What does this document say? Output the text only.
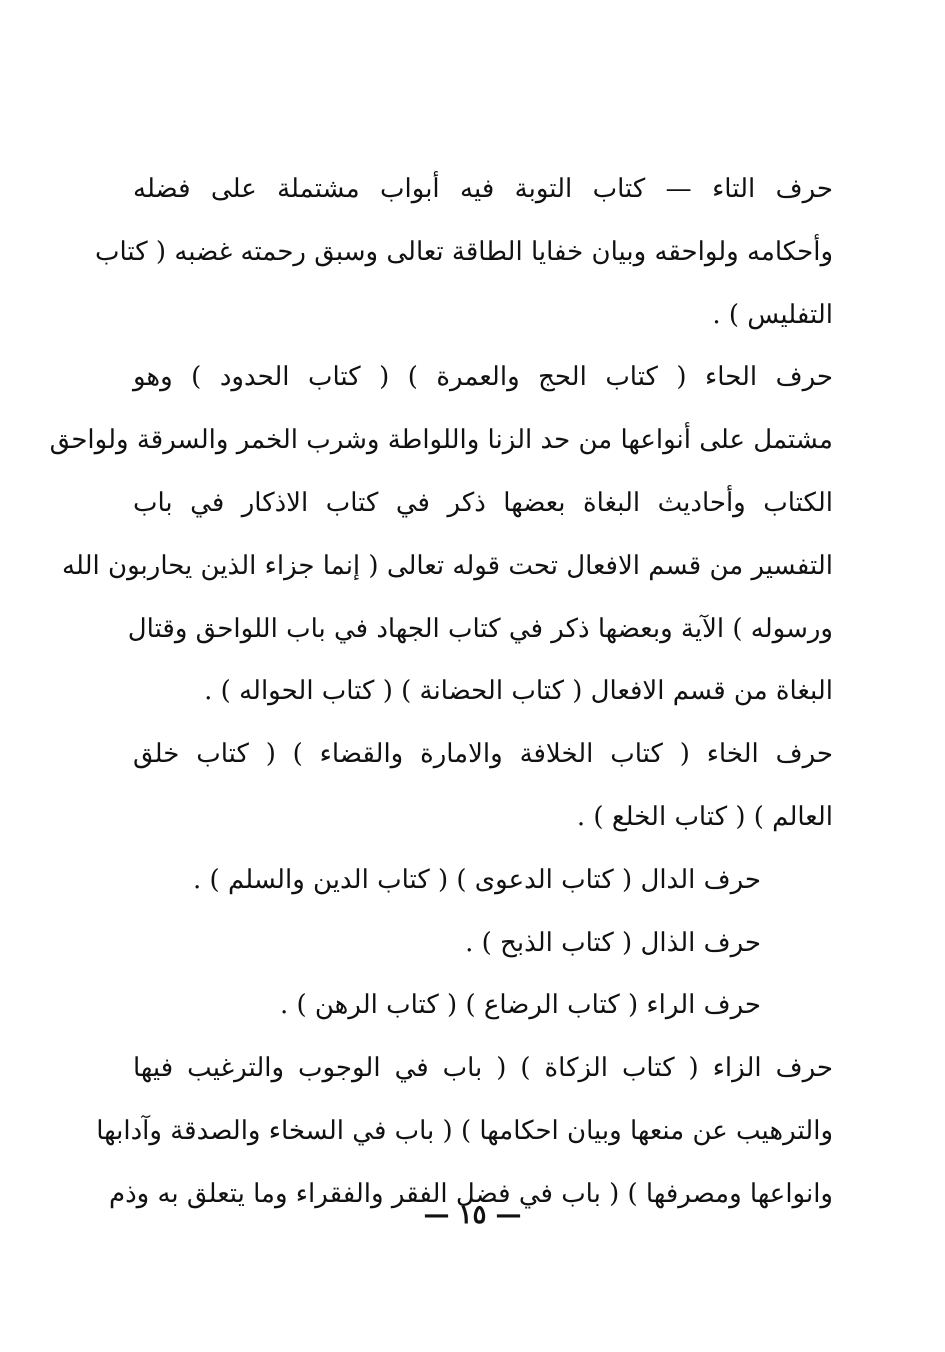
حرف التاء — كتاب التوبة فيه أبواب مشتملة على فضله
وأحكامه ولواحقه وبيان خفايا الطاقة تعالى وسبق رحمته غضبه ( كتاب
التفليس ) .
حرف الحاء ( كتاب الحج والعمرة ) ( كتاب الحدود ) وهو
مشتمل على أنواعها من حد الزنا واللواطة وشرب الخمر والسرقة ولواحق
الكتاب وأحاديث البغاة بعضها ذكر في كتاب الاذكار في باب
التفسير من قسم الافعال تحت قوله تعالى ( إنما جزاء الذين يحاربون الله
ورسوله ) الآية وبعضها ذكر في كتاب الجهاد في باب اللواحق وقتال
البغاة من قسم الافعال ( كتاب الحضانة ) ( كتاب الحواله ) .
حرف الخاء ( كتاب الخلافة والامارة والقضاء ) ( كتاب خلق
العالم ) ( كتاب الخلع ) .
حرف الدال ( كتاب الدعوى ) ( كتاب الدين والسلم ) .
حرف الذال ( كتاب الذبح ) .
حرف الراء ( كتاب الرضاع ) ( كتاب الرهن ) .
حرف الزاء ( كتاب الزكاة ) ( باب في الوجوب والترغيب فيها
والترهيب عن منعها وبيان احكامها ) ( باب في السخاء والصدقة وآدابها
وانواعها ومصرفها ) ( باب في فضل الفقر والفقراء وما يتعلق به وذم
— ١٥ —
